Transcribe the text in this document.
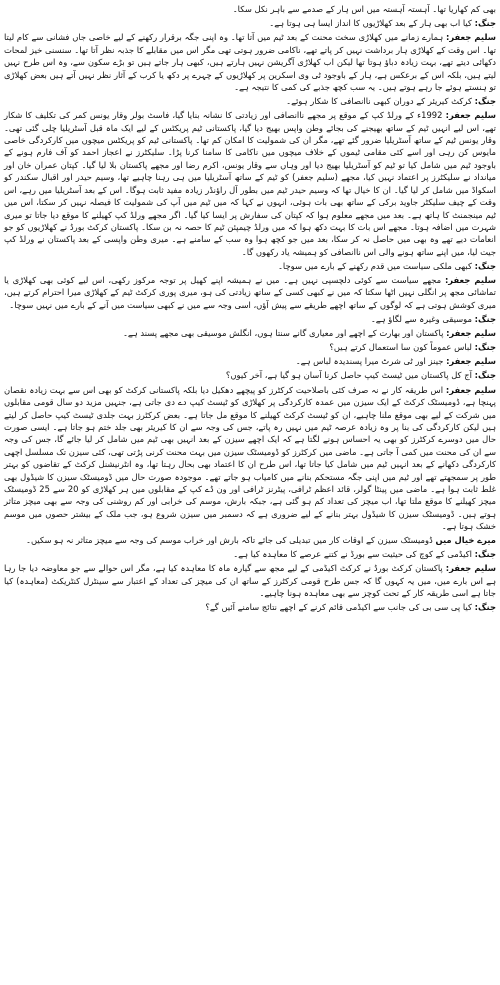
بھی کم کھاریا تھا۔ آہستہ آہستہ میں اس ہار کے صدمے سے باہر نکل سکا۔

جنگ: کیا اب بھی ہار کے بعد کھلاڑیوں کا انداز ایسا ہی ہوتا ہے۔

سلیم جعفر: ہمارے زمانے میں کھلاڑی سخت محنت کے بعد ٹیم میں آتا تھا۔ وہ اپنی جگہ برقرار رکھنے کے لیے خاصی جاں فشانی سے کام لیتا تھا۔ اس وقت کے کھلاڑی ہار برداشت نہیں کر پاتے تھے، ناکامی ضرور ہوتی تھی مگر اس میں مقابلے کا جذبہ نظر آتا تھا۔ سنسنی خیز لمحات دکھائی دیتے تھے، بہت زیادہ دباؤ ہوتا تھا لیکن اب کھلاڑی آگریشن نہیں ہارتے ہیں، کبھی ہار جاتے ہیں تو بڑے سکون سے، وہ اس طرح نہیں لیتے ہیں، بلکہ اس کے برعکس ہے، ہار کے باوجود ٹی وی اسکرین پر کھلاڑیوں کے چہرے پر دکھ یا کرب کے آثار نظر نہیں آتے ہیں بعض کھلاڑی تو ہنستے ہوئے جا رہے ہوتے ہیں۔ یہ سب کچھ جذبے کی کمی کا نتیجہ ہے۔

جنگ: کرکٹ کیریئر کے دوران کبھی ناانصافی کا شکار ہوئے۔

سلیم جعفر: 1992ء کے ورلڈ کپ کے موقع پر مجھے ناانصافی اور زیادتی کا نشانہ بنایا گیا، فاسٹ بولر وقار یونس کمر کی تکلیف کا شکار تھے، اس لیے انہیں ٹیم کے ساتھ بھیجنے کی بجائے وطن واپس بھیج دیا گیا، پاکستانی ٹیم پریکٹس کے لیے ایک ماہ قبل آسٹریلیا چلی گئی تھی۔ وقار یونس ٹیم کے ساتھ آسٹریلیا ضرور گئے تھے، مگر ان کی شمولیت کا امکان کم تھا۔ پاکستانی ٹیم کو پریکٹس میچوں میں کارکردگی خاصی مایوس کن رہی اور اسے کئی مقامی ٹیموں کے خلاف میچوں میں ناکامی کا سامنا کرنا پڑا۔ سلیکٹرز نے اعجاز احمد کو آف فارم ہونے کے باوجود ٹیم میں شامل کیا تو ٹیم کو آسٹریلیا بھیج دیا اور وہاں سے وقار یونس، اکرم رضا اور مجھے پاکستان بلا لیا گیا۔ کپتان عمران خان اور میانداد نے سلیکٹرز پر اعتماد نہیں کیا، مجھے (سلیم جعفر) کو ٹیم کے ساتھ آسٹریلیا میں ہی رہنا چاہیے تھا، وسیم حیدر اور اقبال سکندر کو اسکواڈ میں شامل کر لیا گیا۔ ان کا خیال تھا کہ وسیم حیدر ٹیم میں بطور آل راؤنڈر زیادہ مفید ثابت ہوگا۔ اس کے بعد آسٹریلیا میں رہے، اس وقت کے چیف سلیکٹر جاوید برکی کے ساتھ بھی بات ہوئی، انہوں نے کہا کہ میں ٹیم میں آپ کی شمولیت کا فیصلہ نہیں کر سکتا، اس میں ٹیم مینجمنٹ کا ہاتھ ہے۔ بعد میں مجھے معلوم ہوا کہ کپتان کی سفارش پر ایسا کیا گیا۔ اگر مجھے ورلڈ کپ کھیلنے کا موقع دیا جاتا تو میری شہرت میں اضافہ ہوتا۔ مجھے اس بات کا بہت دکھ ہوا کہ میں ورلڈ چیمپئن ٹیم کا حصہ نہ بن سکا۔ پاکستان کرکٹ بورڈ نے کھلاڑیوں کو جو انعامات دیے تھے وہ بھی میں حاصل نہ کر سکا، بعد میں جو کچھ ہوا وہ سب کے سامنے ہے۔ میری وطن واپسی کے بعد پاکستان نے ورلڈ کپ جیت لیا، میں اپنے ساتھ ہونے والی اس ناانصافی کو ہمیشہ یاد رکھوں گا۔

جنگ: کبھی ملکی سیاست میں قدم رکھنے کے بارے میں سوچا۔

سلیم جعفر: مجھے سیاست سے کوئی دلچسپی نہیں ہے۔ میں نے ہمیشہ اپنے کھیل پر توجہ مرکوز رکھی، اس لیے کوئی بھی کھلاڑی یا تماشائی مجھ پر انگلی نہیں اٹھا سکتا کہ میں نے کبھی کسی کے ساتھ زیادتی کی ہو، میری پوری کرکٹ ٹیم کے کھلاڑی میرا احترام کرتے ہیں، میری کوشش ہوتی ہے کہ لوگوں کے ساتھ اچھے طریقے سے پیش آؤں، اسی وجہ سے میں نے کبھی سیاست میں آنے کے بارے میں نہیں سوچا۔

جنگ: موسیقی وغیرہ سے لگاؤ ہے۔

سلیم جعفر: پاکستان اور بھارت کے اچھے اور معیاری گانے سنتا ہوں، انگلش موسیقی بھی مجھے پسند ہے۔

جنگ: لباس عموماً کون سا استعمال کرتے ہیں؟

سلیم جعفر: جینز اور ٹی شرٹ میرا پسندیدہ لباس ہے۔

جنگ: آج کل پاکستان میں ٹیسٹ کیپ حاصل کرنا آسان ہو گیا ہے، آخر کیوں؟

سلیم جعفر: اس طریقہ کار نے نہ صرف کئی باصلاحیت کرکٹرز کو پیچھے دھکیل دیا بلکہ پاکستانی کرکٹ کو بھی اس سے بہت زیادہ نقصان پہنچا ہے، ڈومیسٹک کرکٹ کے ایک سیزن میں عمدہ کارکردگی پر کھلاڑی کو ٹیسٹ کیپ دے دی جاتی ہے، جنہیں مزید دو سال قومی مقابلوں میں شرکت کے لیے بھی موقع ملنا چاہیے، ان کو ٹیسٹ کرکٹ کھیلنے کا موقع مل جاتا ہے۔ بعض کرکٹرز بہت جلدی ٹیسٹ کیپ حاصل کر لیتے ہیں لیکن کارکردگی کی بنا پر وہ زیادہ عرصہ ٹیم میں نہیں رہ پاتے، جس کی وجہ سے ان کا کیریئر بھی جلد ختم ہو جاتا ہے۔ ایسی صورت حال میں دوسرے کرکٹرز کو بھی یہ احساس ہونے لگتا ہے کہ ایک اچھے سیزن کے بعد انہیں بھی ٹیم میں شامل کر لیا جائے گا، جس کی وجہ سے ان کی محنت میں کمی آ جاتی ہے۔ ماضی میں کرکٹرز کو ڈومیسٹک سیزن میں بہت محنت کرنی پڑتی تھی، کئی سیزن تک مسلسل اچھی کارکردگی دکھانے کے بعد انہیں ٹیم میں شامل کیا جاتا تھا، اس طرح ان کا اعتماد بھی بحال رہتا تھا، وہ انٹرنیشنل کرکٹ کے تقاضوں کو بہتر طور پر سمجھتے تھے اور ٹیم میں اپنی جگہ مستحکم بنانے میں کامیاب ہو جاتے تھے۔ موجودہ صورت حال میں ڈومیسٹک سیزن کا شیڈول بھی غلط ثابت ہوا ہے۔ ماضی میں پینٹا گولر، قائد اعظم ٹرافی، پیٹرنز ٹرافی اور ون ڈے کپ کے مقابلوں میں ہر کھلاڑی کو 20 سے 25 ڈومیسٹک میچز کھیلنے کا موقع ملتا تھا، اب میچز کی تعداد کم ہو گئی ہے، جبکہ بارش، موسم کی خرابی اور کم روشنی کی وجہ سے بھی میچز متاثر ہوتے ہیں۔ ڈومیسٹک سیزن کا شیڈول بہتر بنانے کے لیے ضروری ہے کہ دسمبر میں سیزن شروع ہو، جب ملک کے بیشتر حصوں میں موسم خشک ہوتا ہے۔

میرے خیال میں ڈومیسٹک سیزن کے اوقات کار میں تبدیلی کی جائے تاکہ بارش اور خراب موسم کی وجہ سے میچز متاثر نہ ہو سکیں۔

جنگ: اکیڈمی کے کوچ کی حیثیت سے بورڈ نے کتنے عرصے کا معاہدہ کیا ہے۔

سلیم جعفر: پاکستان کرکٹ بورڈ نے کرکٹ اکیڈمی کے لیے مجھ سے گیارہ ماہ کا معاہدہ کیا ہے، مگر اس حوالے سے جو معاوضہ دیا جا رہا ہے اس بارے میں، میں یہ کہوں گا کہ جس طرح قومی کرکٹرز کے ساتھ ان کی میچز کی تعداد کے اعتبار سے سینٹرل کنٹریکٹ (معاہدہ) کیا جاتا ہے اسی طریقہ کار کے تحت کوچز سے بھی معاہدہ ہونا چاہیے۔

جنگ: کیا پی سی بی کی جانب سے اکیڈمی قائم کرنے کے اچھے نتائج سامنے آئیں گے؟
